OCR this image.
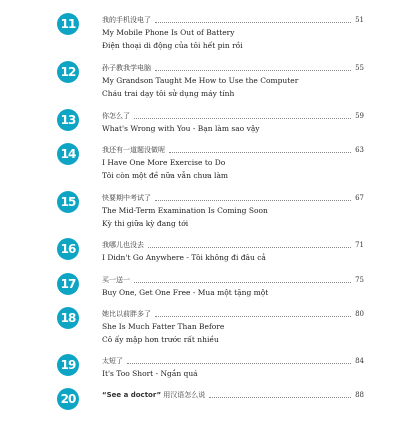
11	我的手机没电了	51
My Mobile Phone Is Out of Battery
Điện thoại di động của tôi hết pin rồi
12	孙子教我学电脑	55
My Grandson Taught Me How to Use the Computer
Cháu trai dạy tôi sử dụng máy tính
13	你怎么了	59
What's Wrong with You - Bạn làm sao vậy
14	我还有一道题没做呢	63
I Have One More Exercise to Do
Tôi còn một đề nữa vẫn chưa làm
15	快要期中考试了	67
The Mid-Term Examination Is Coming Soon
Kỳ thi giữa kỳ đang tới
16	我哪儿也没去	71
I Didn't Go Anywhere - Tôi không đi đâu cả
17	买一送一	75
Buy One, Get One Free - Mua một tặng một
18	她比以前胖多了	80
She Is Much Fatter Than Before
Cô ấy mập hơn trước rất nhiều
19	太短了	84
It's Too Short - Ngắn quá
20	“See a doctor” 用汉语怎么说	88
